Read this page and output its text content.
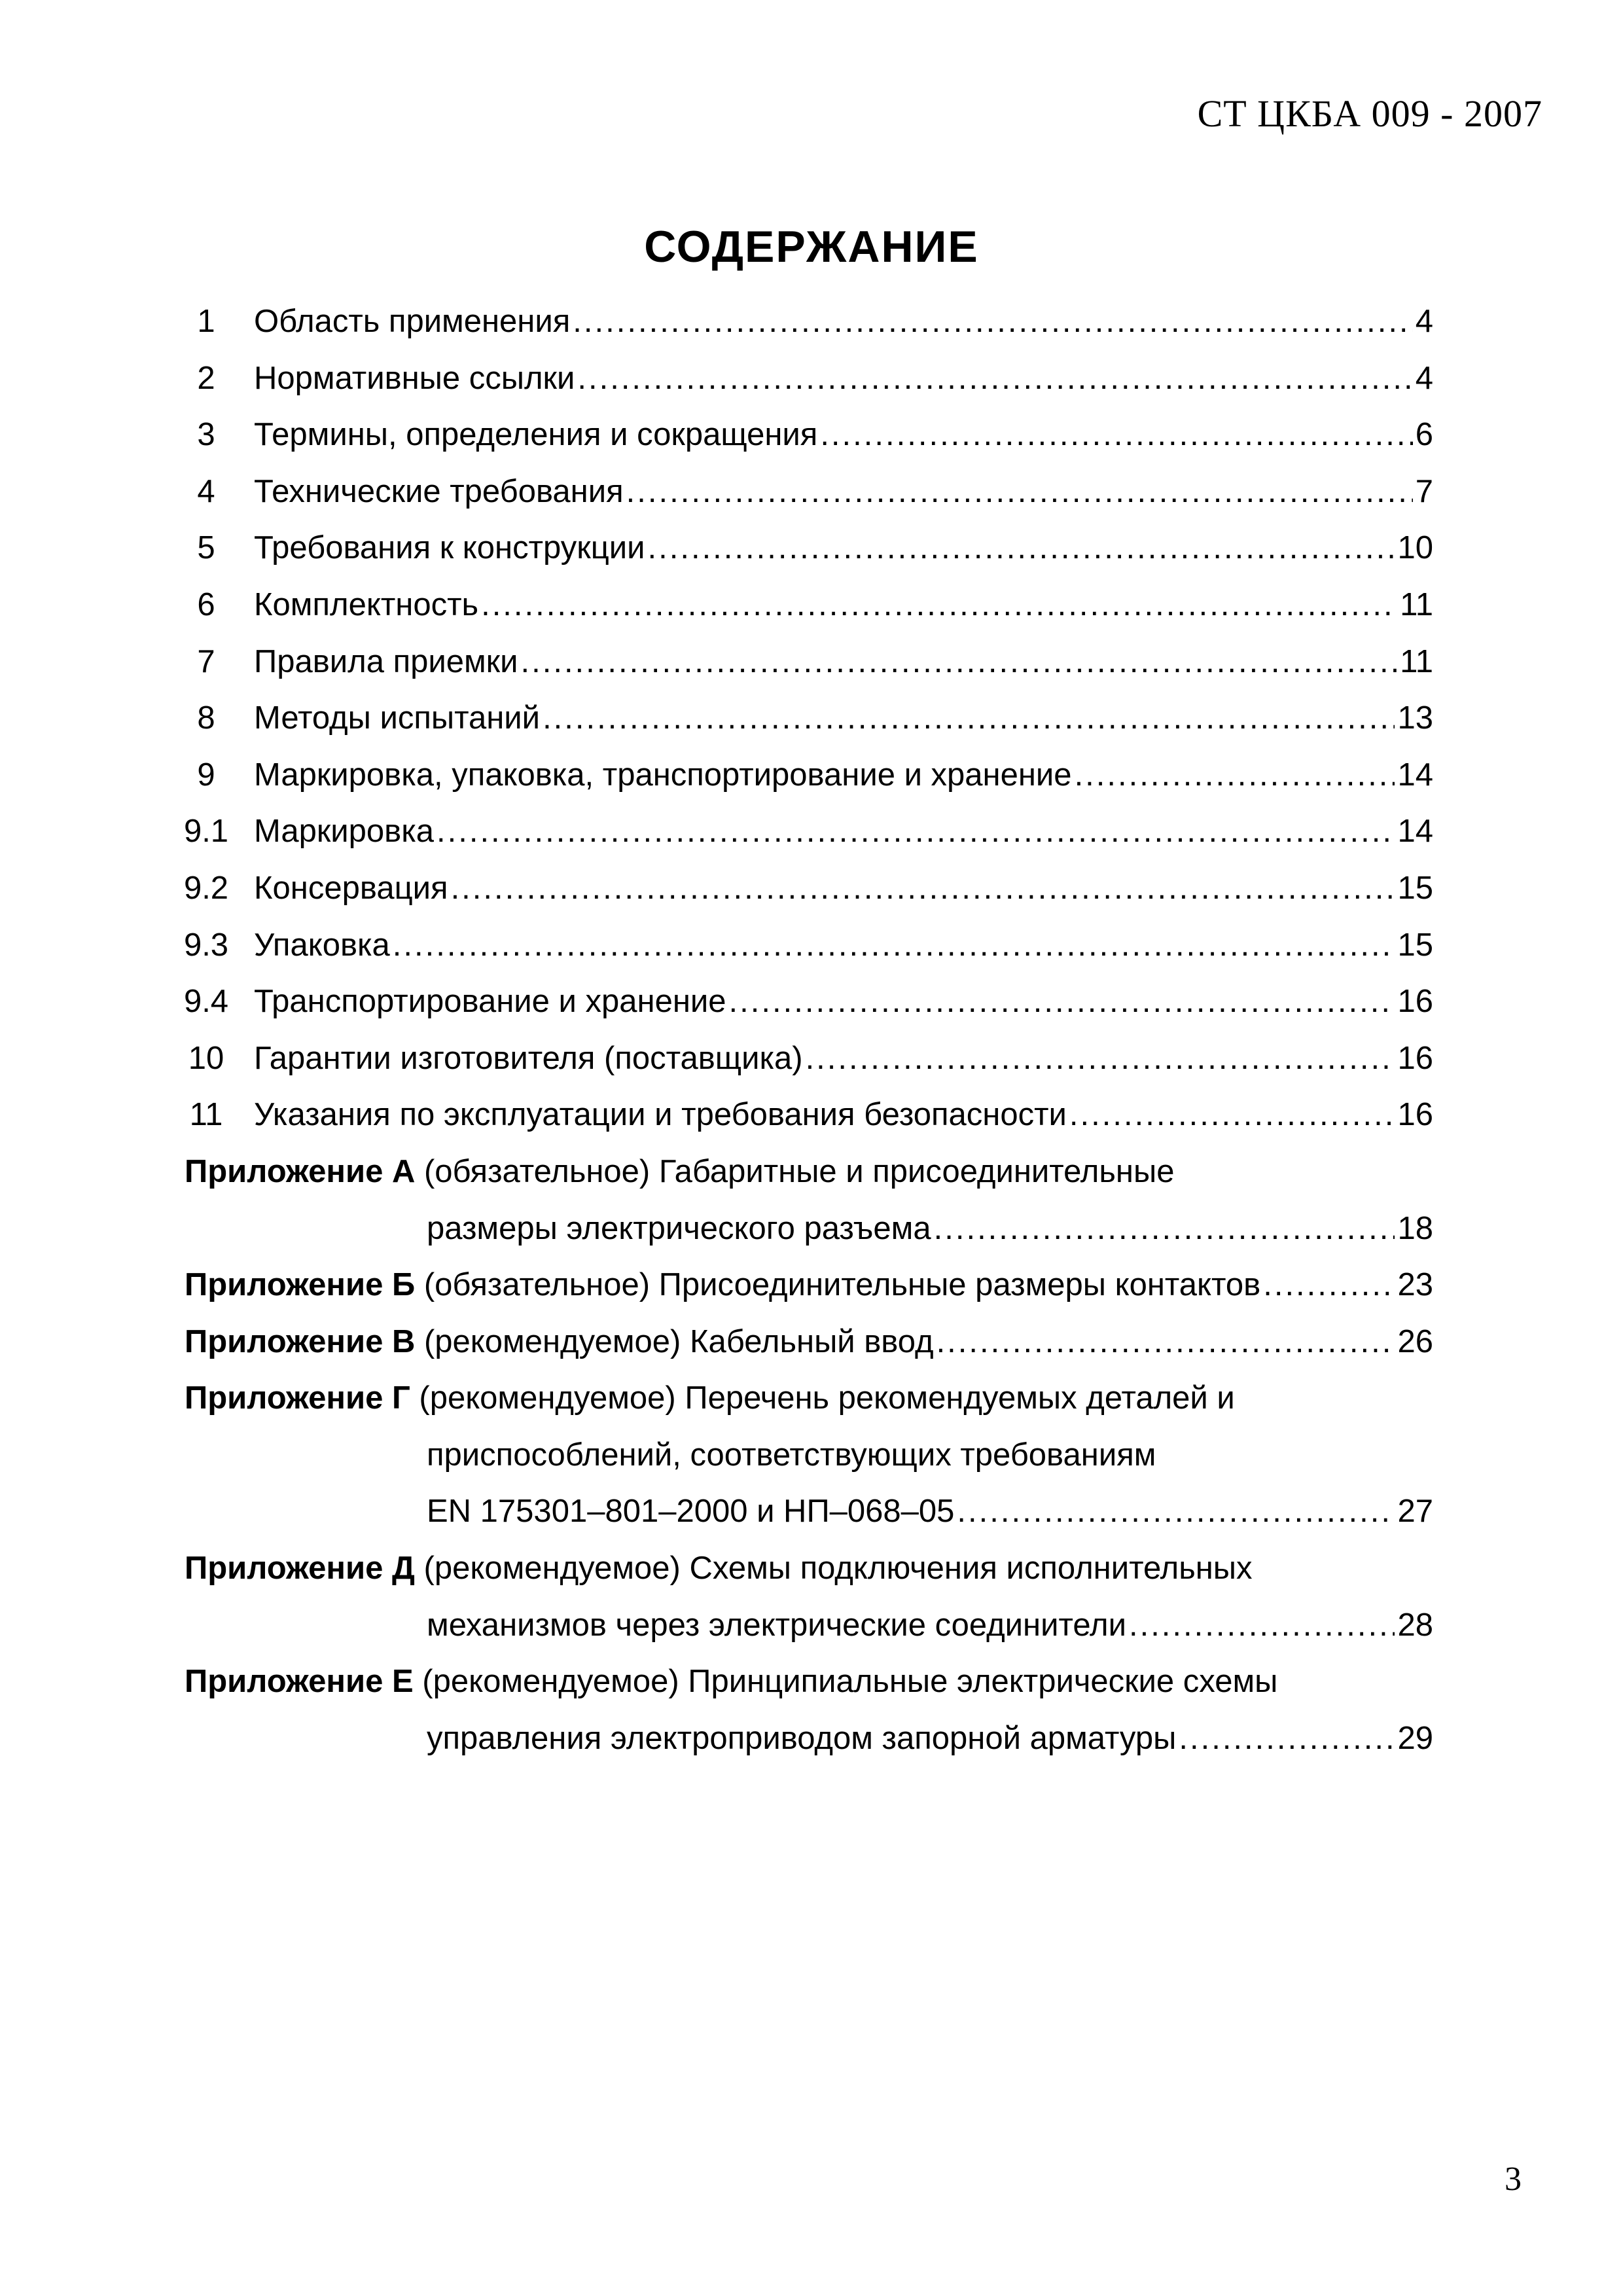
СТ ЦКБА 009 - 2007
СОДЕРЖАНИЕ
1	Область применения .....	4
2	Нормативные ссылки .....	4
3	Термины, определения и сокращения .....	6
4	Технические требования .....	7
5	Требования к конструкции .....	10
6	Комплектность .....	11
7	Правила приемки .....	11
8	Методы испытаний .....	13
9	Маркировка, упаковка, транспортирование и хранение .....	14
9.1 Маркировка .....	14
9.2 Консервация .....	15
9.3 Упаковка .....	15
9.4 Транспортирование и хранение .....	16
10 Гарантии изготовителя (поставщика) .....	16
11 Указания по эксплуатации и требования безопасности .....	16
Приложение А (обязательное) Габаритные и присоединительные
размеры электрического разъема .....	18
Приложение Б (обязательное) Присоединительные размеры контактов .....	23
Приложение В (рекомендуемое) Кабельный ввод .....	26
Приложение Г (рекомендуемое) Перечень рекомендуемых деталей и
приспособлений, соответствующих требованиям
EN 175301–801–2000 и НП–068–05 .....	27
Приложение Д (рекомендуемое) Схемы подключения исполнительных
механизмов через электрические соединители .....	28
Приложение Е (рекомендуемое) Принципиальные электрические схемы
управления электроприводом запорной арматуры .....	29
3
